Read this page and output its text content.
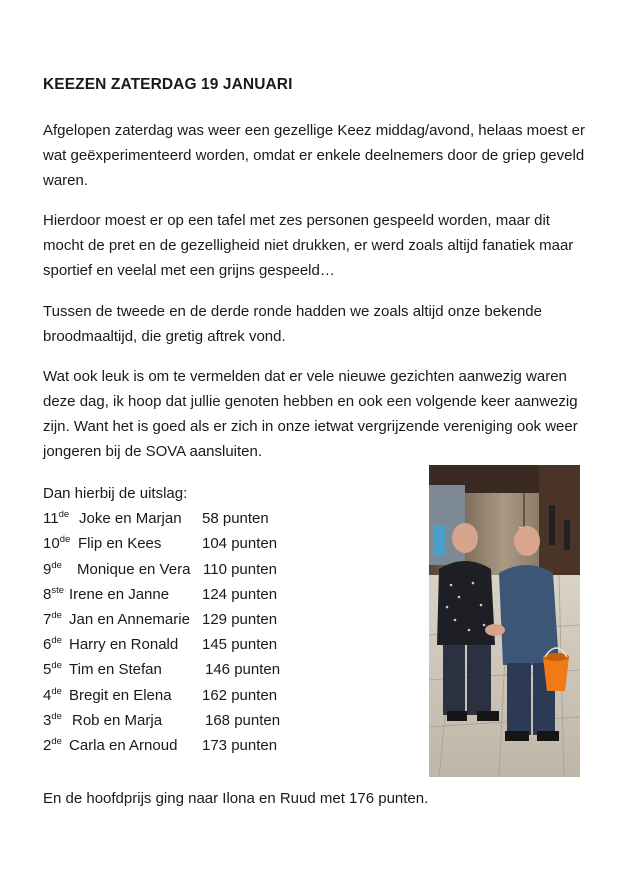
KEEZEN ZATERDAG 19 JANUARI

Afgelopen zaterdag was weer een gezellige Keez middag/avond, helaas moest er wat geëxperimenteerd worden, omdat er enkele deelnemers door de griep geveld waren.

Hierdoor moest er op een tafel met zes personen gespeeld worden, maar dit mocht de pret en de gezelligheid niet drukken, er werd zoals altijd fanatiek maar sportief en veelal met een grijns gespeeld…

Tussen de tweede en de derde ronde hadden we zoals altijd onze bekende broodmaaltijd, die gretig aftrek vond.

Wat ook leuk is om te vermelden dat er vele nieuwe gezichten aanwezig waren deze dag, ik hoop dat jullie genoten hebben en ook een volgende keer aanwezig zijn. Want het is goed als er zich in onze ietwat vergrijzende vereniging ook weer jongeren bij de SOVA aansluiten.

Dan hierbij de uitslag:
11de Joke en Marjan 58 punten
10de Flip en Kees	104 punten
9de Monique en Vera 110 punten
8ste Irene en Janne 124 punten
7de Jan en Annemarie 129 punten
6de Harry en Ronald 145 punten
5de Tim en Stefan	146 punten
4de Bregit en Elena 162 punten
3de Rob en Marja	168 punten
2de Carla en Arnoud 173 punten
En de hoofdprijs ging naar Ilona en Ruud met 176 punten.
